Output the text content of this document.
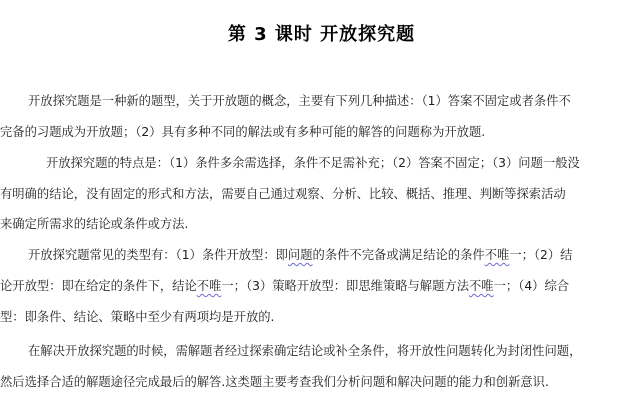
第 3 课时 开放探究题
开放探究题是一种新的题型，关于开放题的概念，主要有下列几种描述：（1）答案不固定或者条件不
完备的习题成为开放题；（2）具有多种不同的解法或有多种可能的解答的问题称为开放题.
开放探究题的特点是：（1）条件多余需选择，条件不足需补充；（2）答案不固定；（3）问题一般没
有明确的结论，没有固定的形式和方法，需要自己通过观察、分析、比较、概括、推理、判断等探索活动
来确定所需求的结论或条件或方法.
开放探究题常见的类型有：（1）条件开放型：即问题的条件不完备或满足结论的条件不唯一；（2）结
论开放型：即在给定的条件下，结论不唯一；（3）策略开放型：即思维策略与解题方法不唯一；（4）综合
型：即条件、结论、策略中至少有两项均是开放的.
在解决开放探究题的时候，需解题者经过探索确定结论或补全条件，将开放性问题转化为封闭性问题，
然后选择合适的解题途径完成最后的解答.这类题主要考查我们分析问题和解决问题的能力和创新意识.
